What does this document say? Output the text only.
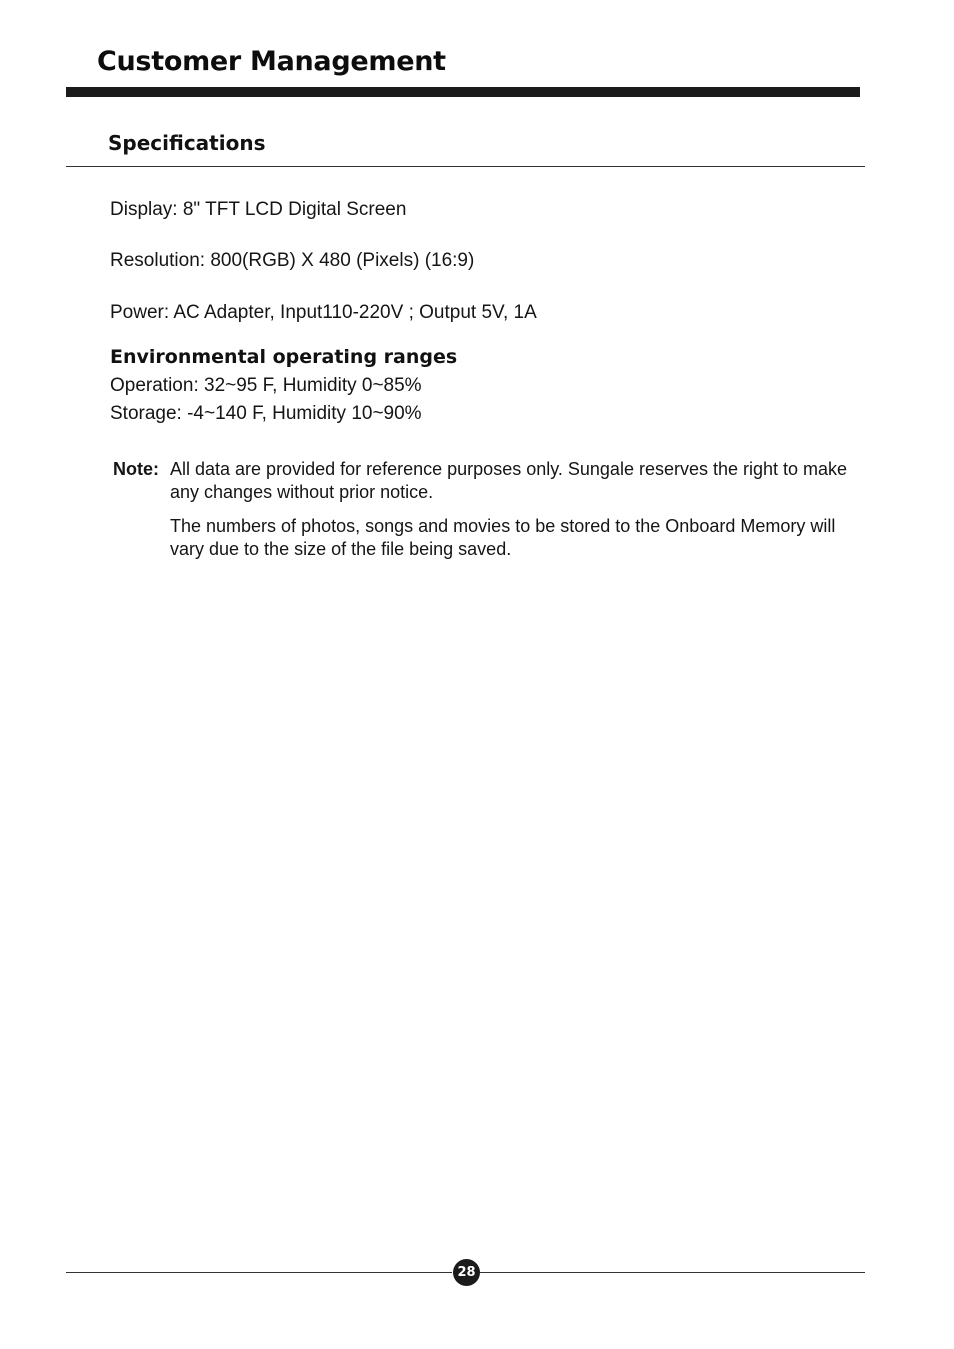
Customer Management
Specifications
Display: 8" TFT LCD Digital Screen
Resolution: 800(RGB) X 480 (Pixels) (16:9)
Power: AC Adapter, Input110-220V ; Output 5V, 1A
Environmental operating ranges
Operation: 32~95 F, Humidity 0~85%
Storage: -4~140 F, Humidity 10~90%
Note: All data are provided for reference purposes only. Sungale reserves the right to make any changes without prior notice.

The numbers of photos, songs and movies to be stored to the Onboard Memory will vary due to the size of the file being saved.

28
